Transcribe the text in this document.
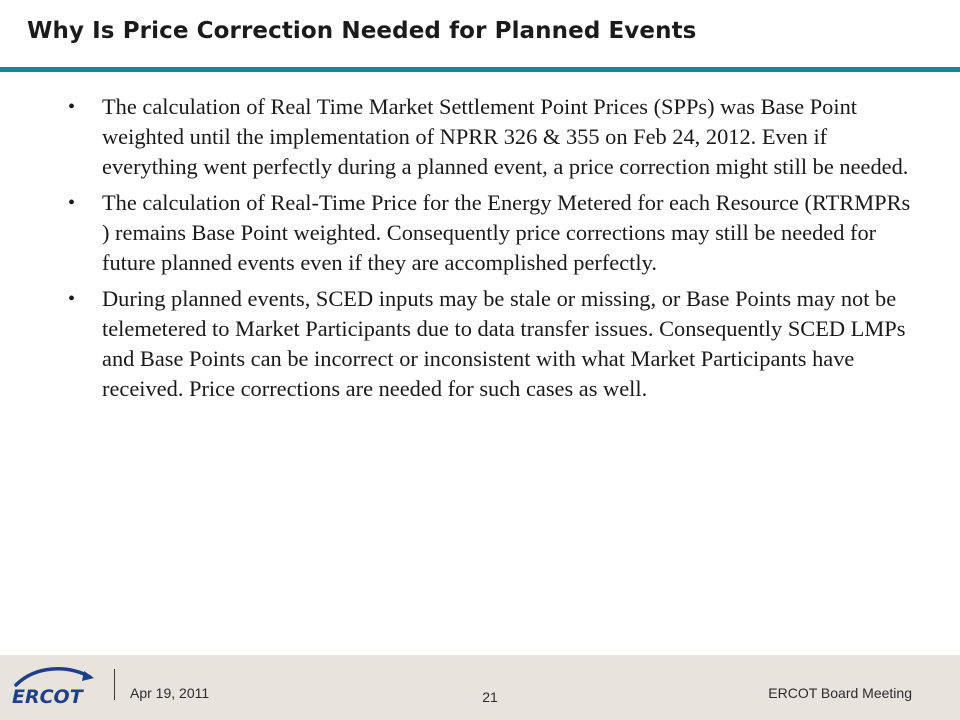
Why Is Price Correction Needed for Planned Events
• The calculation of Real Time Market Settlement Point Prices (SPPs) was Base Point weighted until the implementation of NPRR 326 & 355 on Feb 24, 2012. Even if everything went perfectly during a planned event, a price correction might still be needed.
• The calculation of Real-Time Price for the Energy Metered for each Resource (RTRMPRs ) remains Base Point weighted. Consequently price corrections may still be needed for future planned events even if they are accomplished perfectly.
• During planned events, SCED inputs may be stale or missing, or Base Points may not be telemetered to Market Participants due to data transfer issues. Consequently SCED LMPs and Base Points can be incorrect or inconsistent with what Market Participants have received. Price corrections are needed for such cases as well.
ERCOT	Apr 19, 2011	21	ERCOT Board Meeting
